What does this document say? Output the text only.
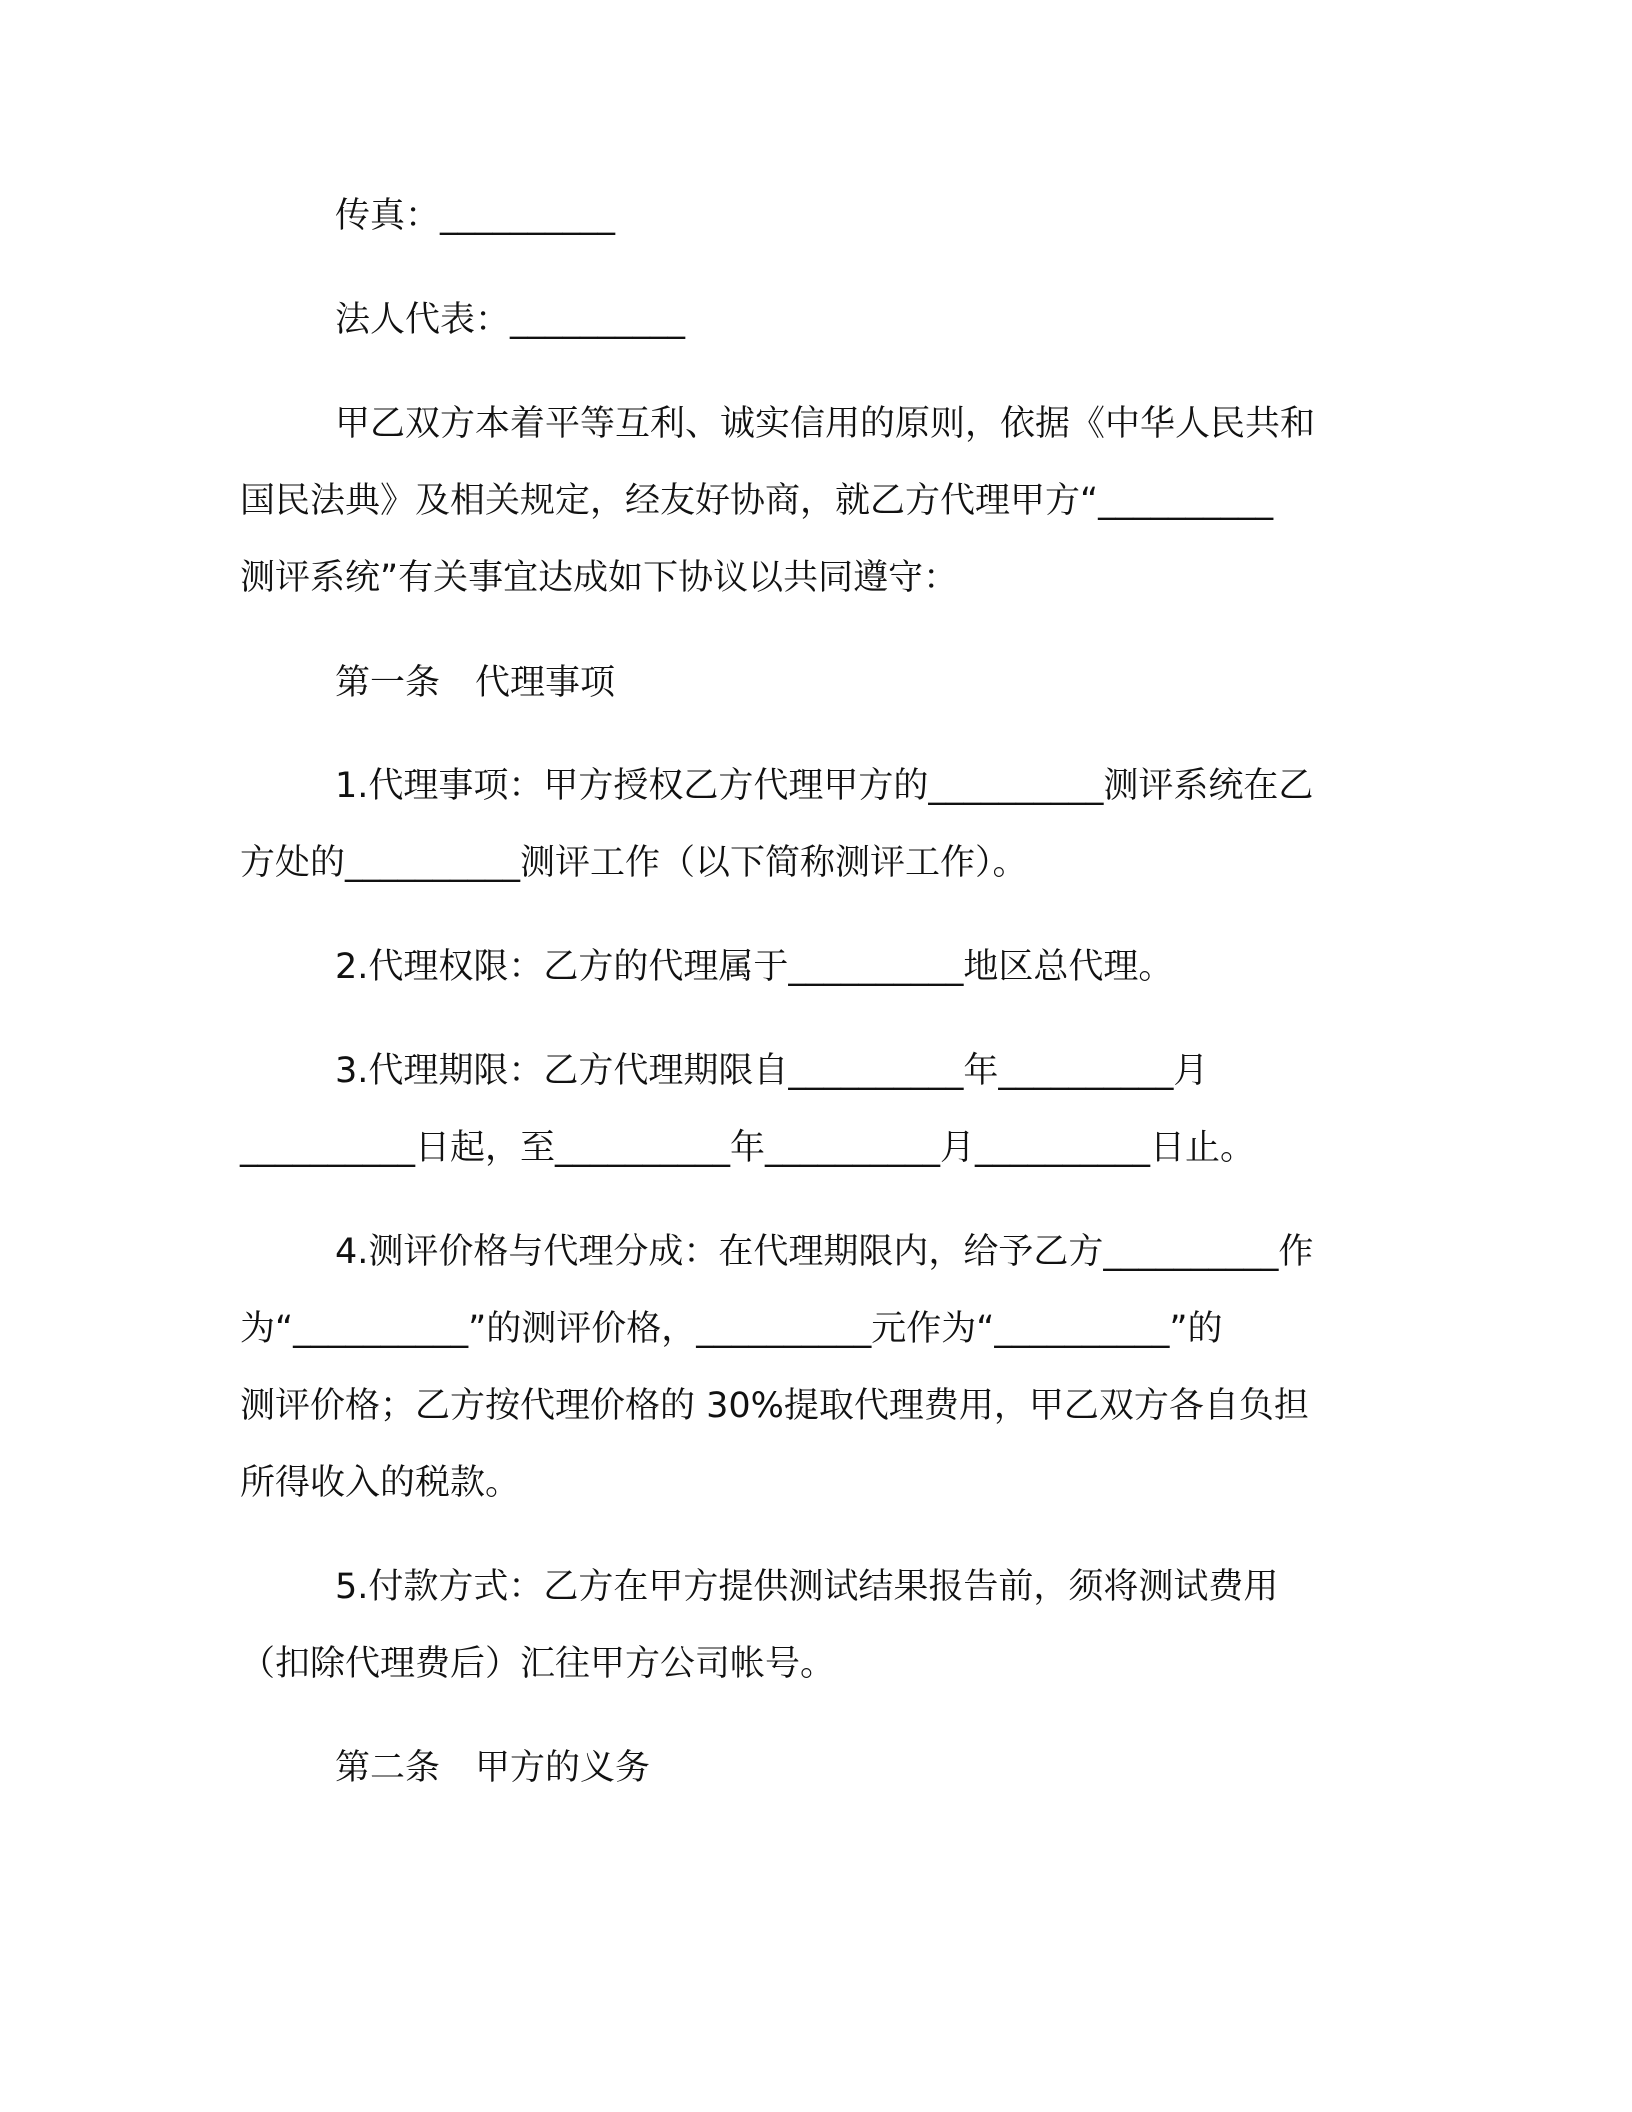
传真：__________

法人代表：__________

甲乙双方本着平等互利、诚实信用的原则，依据《中华人民共和
国民法典》及相关规定，经友好协商，就乙方代理甲方“__________
测评系统”有关事宜达成如下协议以共同遵守：

第一条　代理事项

1.代理事项：甲方授权乙方代理甲方的__________测评系统在乙
方处的__________测评工作（以下简称测评工作）。

2.代理权限：乙方的代理属于__________地区总代理。

3.代理期限：乙方代理期限自__________年__________月
__________日起，至__________年__________月__________日止。

4.测评价格与代理分成：在代理期限内，给予乙方__________作
为“__________”的测评价格，__________元作为“__________”的
测评价格；乙方按代理价格的 30%提取代理费用，甲乙双方各自负担
所得收入的税款。

5.付款方式：乙方在甲方提供测试结果报告前，须将测试费用
（扣除代理费后）汇往甲方公司帐号。

第二条　甲方的义务
